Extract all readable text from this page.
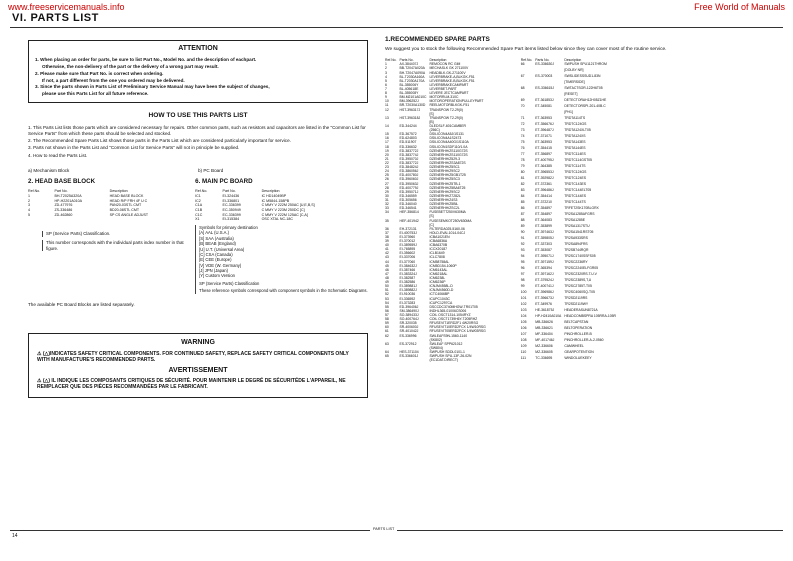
www.freeservicemanuals.info	Free World of Manuals
VI. PARTS LIST
ATTENTION

1. When placing an order for parts, be sure to list Part No., Model No. and the description of eachpart.

Otherwise, the non-delivery of the part or the delivery of a wrong part may result.

2. Please make sure that Part No. is correct when ordering.

If not, a part different from the one you ordered may be delivered.

3. Since the parts shown in Parts List of Preliminary Service Manual may have been the subject of changes,

please use this Parts List for all future reference.

HOW TO USE THIS PARTS LIST

1. This Parts List lists those parts which are considered necessary for repairs. Other common parts, such as resistors and capacitors are listed in the "Common List for Service Parts" from which these parts should be selected and stocked.

2. The Recommended Spare Parts List shows those parts in the Parts List which are considered particularly important for service.

3. Parts not shown in the Parts List and "Common List for Service Parts" will not in principle be supplied.

4. How to read the Parts List.

a) Mechanism Block	b) PC Board
2. HEAD BASE BLOCK
Ref.No.	Part No.	Description
1	BH-T2025A320A	HEAD BASE BLOCK
2	HP-H2201A010A	HEAD R/P FRH 4F U C
3	ZD-477976	PAN20-03STL CMT
4	ZS-336486	BD20-08STL CMT
5	ZD-462860	SP CS ANGLE ADJUST
SP (Service Parts) Classification.
This number corresponds with the individual parts index number in that figure.
6. MAIN PC BOARD
Ref.No.	Part No.	Description
IC1	EI-324436	IC HD14049BP
IC2	EI-336801	IC M5844-158PB
C1A	EC-336399	C MMY V 222M 250AC [U,E,B,S]
C1B	EC-350949	C MMY V 223M 250DC [C]
C1C	EC-336399	C MMY V 222M 125AC [C,A]
X1	EI-315384	OSC XTAL NC-18C
Symbols for primary destination
[A] AAL (U.S.A.)
[S] SAA (Australia)
[B] BEAB (England)
[U] U.T. (Universal Area)
[C] CSA (Canada)
[E] CEE (Europe)
[V] VDE (W. Germany)
[J] JPN (Japan)
[Y] Custom Version
SP (Service Parts) Classification
These reference symbols correspond with component symbols in the Schematic Diagrams.
The available PC Board Blocks are listed separately.
WARNING

⚠ (△)INDICATES SAFETY CRITICAL COMPONENTS. FOR CONTINUED SAFETY, REPLACE SAFETY CRITICAL COMPONENTS ONLY WITH MANUFACTURE'S RECOMMENDED PARTS.

AVERTISSEMENT

⚠ (△) IL INDIQUE LES COMPOSANTS CRITIQUES DE SÉCURITÉ. POUR MAINTENIR LE DEGRÉ DE SÉCURITÉDE L'APPAREIL, NE REMPLACER QUE DES PIÈCES RECOMMANDÉES PAR LE FABRICANT.

1.RECOMMENDED SPARE PARTS
We suggest you to stock the following Recommended Spare Part items listed below since they can cover most of the routine service.
Ref.No.	Parts No.	Description
1	AX-384407J	REMOCON RC GIM
2	BB-T2047A020A	MECHASLK GK 271100V
3	BH-T2047A090A	HEADBLK.GK-271100V
4	BL-T2030A160A	LEVERBRAKE-A,BLKGK-F51
5	BL-T2030A170A	LEVERBRAKE-B,BLKGK-F51
6	BL-355006Y	LEVERBRAKECAMPART
7	BL-405618E	LEVERBET-PART
8	BL-355008Y	LEVERE JECTCAMPART
9	BM-M2101A010C	MOTORRLM-310C
10	BM-396252J	MOTOROPERATIONPULLEYPART
11	BR-T2030A130D	REELMOTORBLKGK-F51
12	HST-396317J	TRANSPOW T2-29(0)
		[S]
13	HST-396318J	TRANSPOW T2-29(0)
		[B]
14	ED-344244	DLEDSLF-601CAMBER
		(256C)
15	ED-367572	DSILICON4A5J/1S131
16	ED-624803	DSILICON4A1S2473
17	ED-511907	DSILICON4A40G/1S110A
18	ED-336632	DSILICON1SDF110/1.0A
19	ED-383772J	DZENERHH/ZS110G72S
20	ED-383774J	DZENERHH/ZS110G72S
21	ED-395070J	DZENERHH/Z529-3
22	ED-383772J	DZENERHH/ZS3A872S
23	ED-384824J	DZENERHH/Z5SC1
24	ED-386056J	DZENERHH/Z9SC2
25	ED-400780J	DZENERHH/Z5GB1T25
26	ED-396060J	DZENERHH/Z5SC3
27	ED-395063J	DZENERHH/Z5TB-1
28	ED-400779J	DZENERHH/Z5BA6T25
29	ED-395071J	DZENERHH/Z9SC2
30	ED-346559	DZENERHH/Z7282L
31	ED-305656	DZENERHH/Z4S3
32	ED-346040	DZENERHH/Z5BIL
33	ED-346541	DZENERHH/ZSC2L
34	HEF-356814	FUSEBETT250V630MA
		[S]
35	HEF-401942	FUSESEMKOT250V630MA
		[C]
36	EH-372131	FILTERDA025-5160-06
37	EI-400753J	HOLD-EVAI-1014-04CJ
38	EI-373960	ICBA1021EN
39	EI-370012	ICBA6836A
40	EI-389559J	ICBA6370B
41	EI-765895	ICCX20187
42	EI-356602	ICLB1649
43	EI-337006	ICLC7808
44	EI-377060	ICM58758AL
45	EI-384632J	ICM5D154-1060P
46	EI-387466	ICM6143AL
47	EI-383324J	ICM6218AL
48	EI-382587	ICM6238L
49	EI-382586	ICM6236P
50	EI-389881J	ICNJM4558L-D
51	EI-389882J	ICNJM4560D-D
52	EI-910036	ICTC4066BP
53	EI-336592	ICUPC1043C
54	EI-373283	ICUPC1297CA
55	ED-396406J	DSCCDC3740MHGW-TR01T05
56	SM-386490J	INDHL365-01006CS006
57	SO-389433J	COIL OSCT1314-1054RYZ
58	SO-400764J	COIL OSCT1739H6Y-T205RHZ
59	SR-320035	RFUSEVIT1ERD2F1 4W20RSG
60	SR-400600J	RFUSEVIT10ERD2FCX 1/4W10RSG
61	SR-401042J	RFUSEVIT05ERD2FCX 1/4W03RSG
62	ES-336996	SWLEAFS9N-1560-1140
		(SK802)
63	ES-372912	SWLEAF SPP621012
		(SW804)
64	HES-371104	SWPUSH SDDL0101-1
65	ES-336601J	SWPUSH SPU-13F-26-02N
		(EC1DAT.DIRECT)
Ref.No.	Parts No.	Description
66	ES-336630J	SWPUSH SPU1121THROM
		[DOLBY NR]
67	ES-370003	SWSLIDESSSUD1-83N
		[TIMERSIDE]
68	ES-336615J	SWTACTSOR-122H6T05
		[RESET]
69	ET-361853J	DETECTORAH12H05Z1HE
70	ET-345081	DETECTORSPI-201-40B.C
		[PH1]
71	ET-363953	TRDTA114TS
72	ET-356676J	TRDTC124GS
73	ET-396487J	TRDTA124XLT05
74	ET-371071	TRDTA124XS
75	ET-363953	TRDTA143ES
76	ET-354415	TRDTA144ES
77	ET-356897	TRDTC114ES
78	ET-400795J	TRDTC114GST05
79	ET-364385	TRDTC114TS
80	ET-396553J	TRDTC124GS
81	ET-392982J	TRDTC124ES
82	ET-372361	TRDTC143ES
83	ET-396486J	TRDTC144ELT05
84	ET-354414	TRDTC144ES
85	ET-372210	TRDTC144TS
86	ET-354897	TRFET2SK170BLGRX
87	ET-354897	TR2SA1285AFGRS
88	ET-364083	TR2SA1285E
89	ET-353899	TR2SA1317STU
90	ET-397463J	TR2SA1541RST05
91	ET-359805J	TR2SA933SRS
92	ET-337303	TR2SA894FRS
93	ET-353087	TR2SB744RQR
94	ET-395071J	TR2SC1740SSFS05
95	ET-397159J	TR2SC2236RY
96	ET-365394	TR2SC2240ELFGR05
97	ET-397162J	TR2SC2320RS.T.U.V
98	ET-379524J	TR2SC2389S,T,U
99	ET-400741J	TR2SC2785T-T05
100	ET-396986J	TR2SC4060SQ-T05
101	ET-396673J	TR2SD2119RS
102	ET-349976	TR2SD2119WY
103	HE-361875J	HEADERASUN8721A
104	HP-H2410A010A	HEADCOMBSPRA 105RRA-105R
105	MB-336626	BELTCAPSTAN
106	MB-336621	BELTOPERATION
107	MF-336404	PINCHROLLER-B
108	MF-401746J	PINCHROLLER-A-2-0560
109	MZ-336606	CAMWHEEL
110	MZ-336605	GEARPOTENTION
111	TC-336695	WINDOLUEKEEY
PARTS LIST
14
